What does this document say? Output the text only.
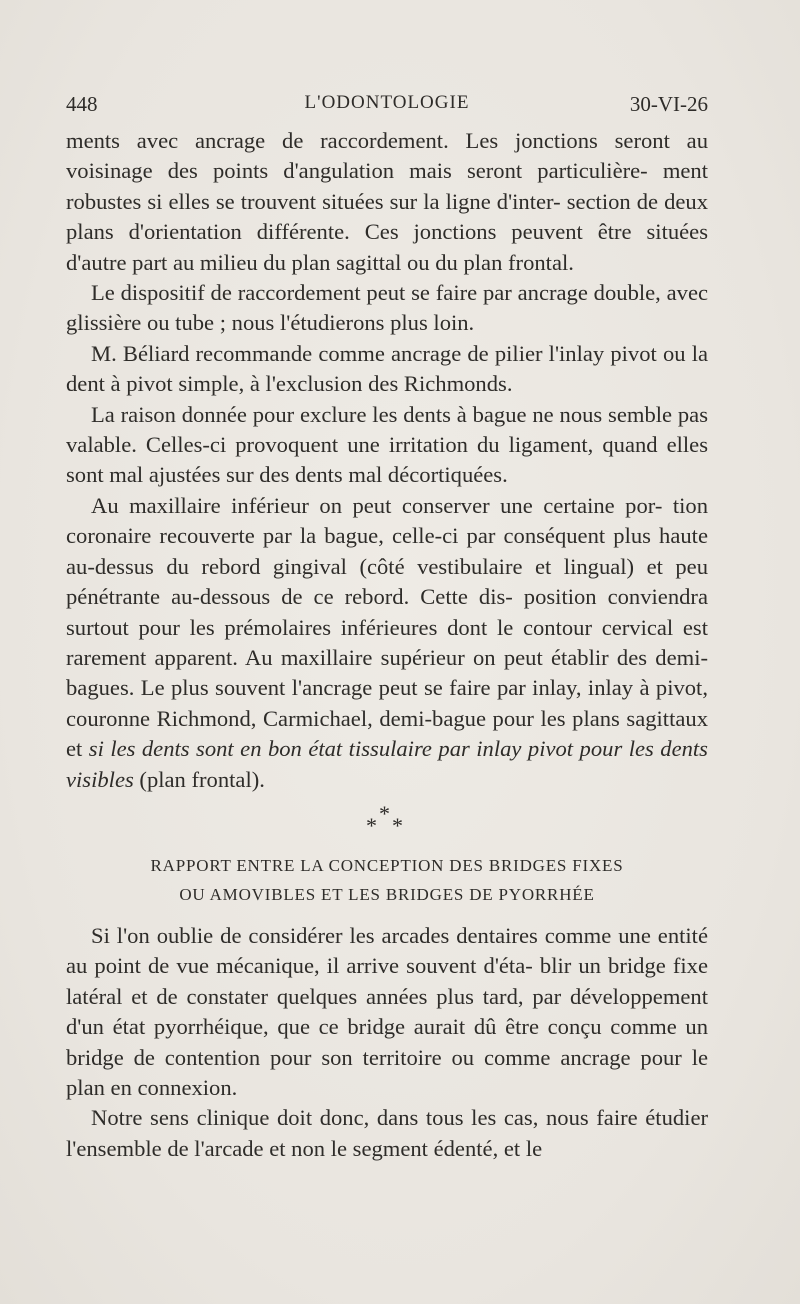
448	L'ODONTOLOGIE	30-VI-26

ments avec ancrage de raccordement. Les jonctions seront au voisinage des points d'angulation mais seront particulière- ment robustes si elles se trouvent situées sur la ligne d'inter- section de deux plans d'orientation différente. Ces jonctions peuvent être situées d'autre part au milieu du plan sagittal ou du plan frontal.

Le dispositif de raccordement peut se faire par ancrage double, avec glissière ou tube ; nous l'étudierons plus loin.

M. Béliard recommande comme ancrage de pilier l'inlay pivot ou la dent à pivot simple, à l'exclusion des Richmonds.

La raison donnée pour exclure les dents à bague ne nous semble pas valable. Celles-ci provoquent une irritation du ligament, quand elles sont mal ajustées sur des dents mal décortiquées.

Au maxillaire inférieur on peut conserver une certaine por- tion coronaire recouverte par la bague, celle-ci par conséquent plus haute au-dessus du rebord gingival (côté vestibulaire et lingual) et peu pénétrante au-dessous de ce rebord. Cette dis- position conviendra surtout pour les prémolaires inférieures dont le contour cervical est rarement apparent. Au maxillaire supérieur on peut établir des demi-bagues. Le plus souvent l'ancrage peut se faire par inlay, inlay à pivot, couronne Richmond, Carmichael, demi-bague pour les plans sagittaux et si les dents sont en bon état tissulaire par inlay pivot pour les dents visibles (plan frontal).

*
* *
RAPPORT ENTRE LA CONCEPTION DES BRIDGES FIXES
OU AMOVIBLES ET LES BRIDGES DE PYORRHÉE

Si l'on oublie de considérer les arcades dentaires comme une entité au point de vue mécanique, il arrive souvent d'éta- blir un bridge fixe latéral et de constater quelques années plus tard, par développement d'un état pyorrhéique, que ce bridge aurait dû être conçu comme un bridge de contention pour son territoire ou comme ancrage pour le plan en connexion.

Notre sens clinique doit donc, dans tous les cas, nous faire étudier l'ensemble de l'arcade et non le segment édenté, et le
